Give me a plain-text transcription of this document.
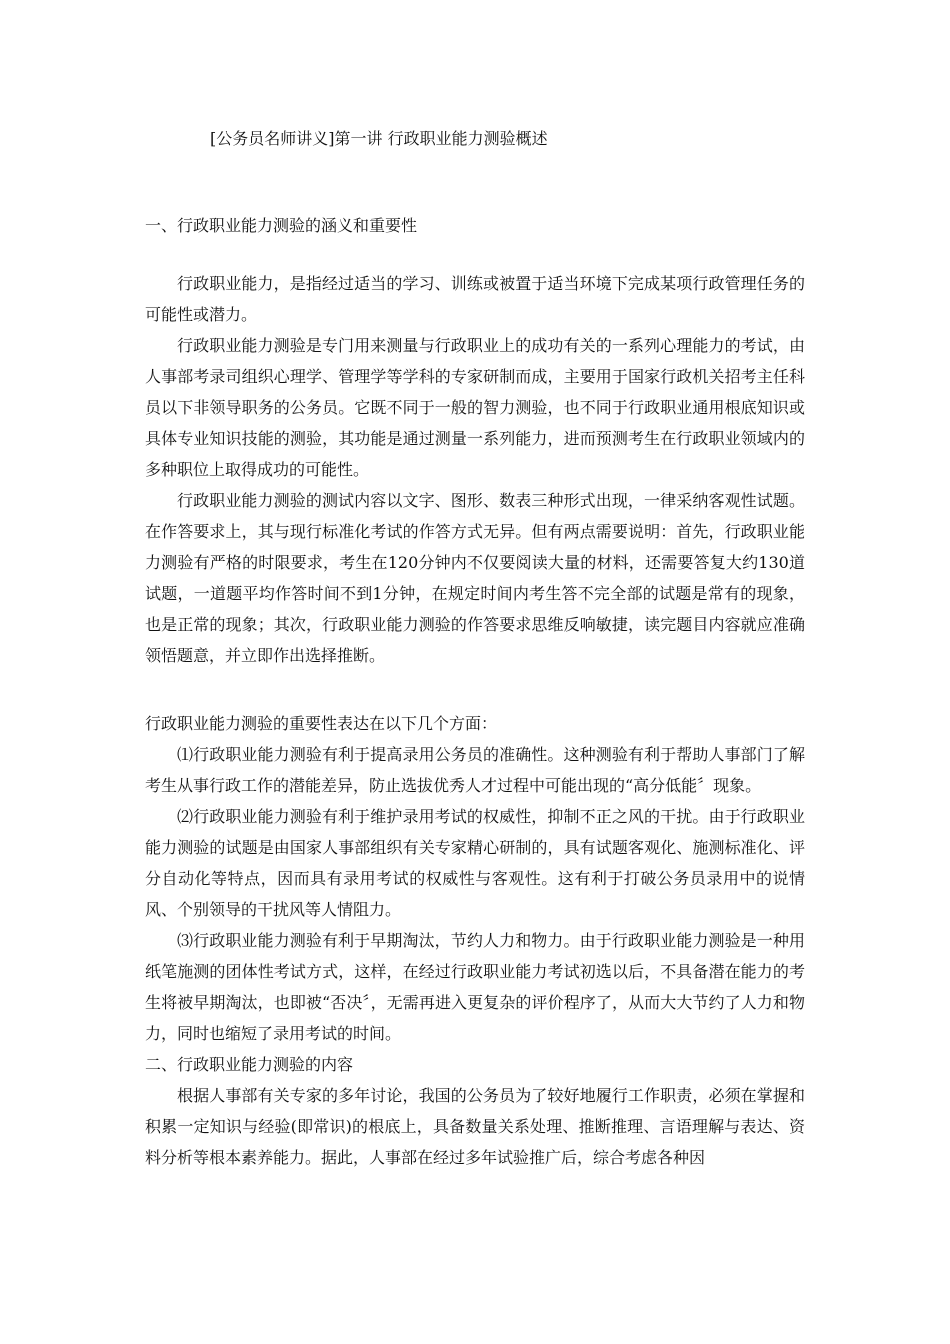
[公务员名师讲义]第一讲 行政职业能力测验概述
一、行政职业能力测验的涵义和重要性

行政职业能力，是指经过适当的学习、训练或被置于适当环境下完成某项行政管理任务的可能性或潜力。

行政职业能力测验是专门用来测量与行政职业上的成功有关的一系列心理能力的考试，由人事部考录司组织心理学、管理学等学科的专家研制而成，主要用于国家行政机关招考主任科员以下非领导职务的公务员。它既不同于一般的智力测验，也不同于行政职业通用根底知识或具体专业知识技能的测验，其功能是通过测量一系列能力，进而预测考生在行政职业领域内的多种职位上取得成功的可能性。

行政职业能力测验的测试内容以文字、图形、数表三种形式出现，一律采纳客观性试题。在作答要求上，其与现行标准化考试的作答方式无异。但有两点需要说明：首先，行政职业能力测验有严格的时限要求，考生在120分钟内不仅要阅读大量的材料，还需要答复大约130道试题，一道题平均作答时间不到1分钟，在规定时间内考生答不完全部的试题是常有的现象，也是正常的现象；其次，行政职业能力测验的作答要求思维反响敏捷，读完题目内容就应准确领悟题意，并立即作出选择推断。

行政职业能力测验的重要性表达在以下几个方面：

⑴行政职业能力测验有利于提高录用公务员的准确性。这种测验有利于帮助人事部门了解考生从事行政工作的潜能差异，防止选拔优秀人才过程中可能出现的“高分低能〞现象。

⑵行政职业能力测验有利于维护录用考试的权威性，抑制不正之风的干扰。由于行政职业能力测验的试题是由国家人事部组织有关专家精心研制的，具有试题客观化、施测标准化、评分自动化等特点，因而具有录用考试的权威性与客观性。这有利于打破公务员录用中的说情风、个别领导的干扰风等人情阻力。

⑶行政职业能力测验有利于早期淘汰，节约人力和物力。由于行政职业能力测验是一种用纸笔施测的团体性考试方式，这样，在经过行政职业能力考试初选以后，不具备潜在能力的考生将被早期淘汰，也即被“否决〞，无需再进入更复杂的评价程序了，从而大大节约了人力和物力，同时也缩短了录用考试的时间。

二、行政职业能力测验的内容

根据人事部有关专家的多年讨论，我国的公务员为了较好地履行工作职责，必须在掌握和积累一定知识与经验(即常识)的根底上，具备数量关系处理、推断推理、言语理解与表达、资料分析等根本素养能力。据此，人事部在经过多年试验推广后，综合考虑各种因
